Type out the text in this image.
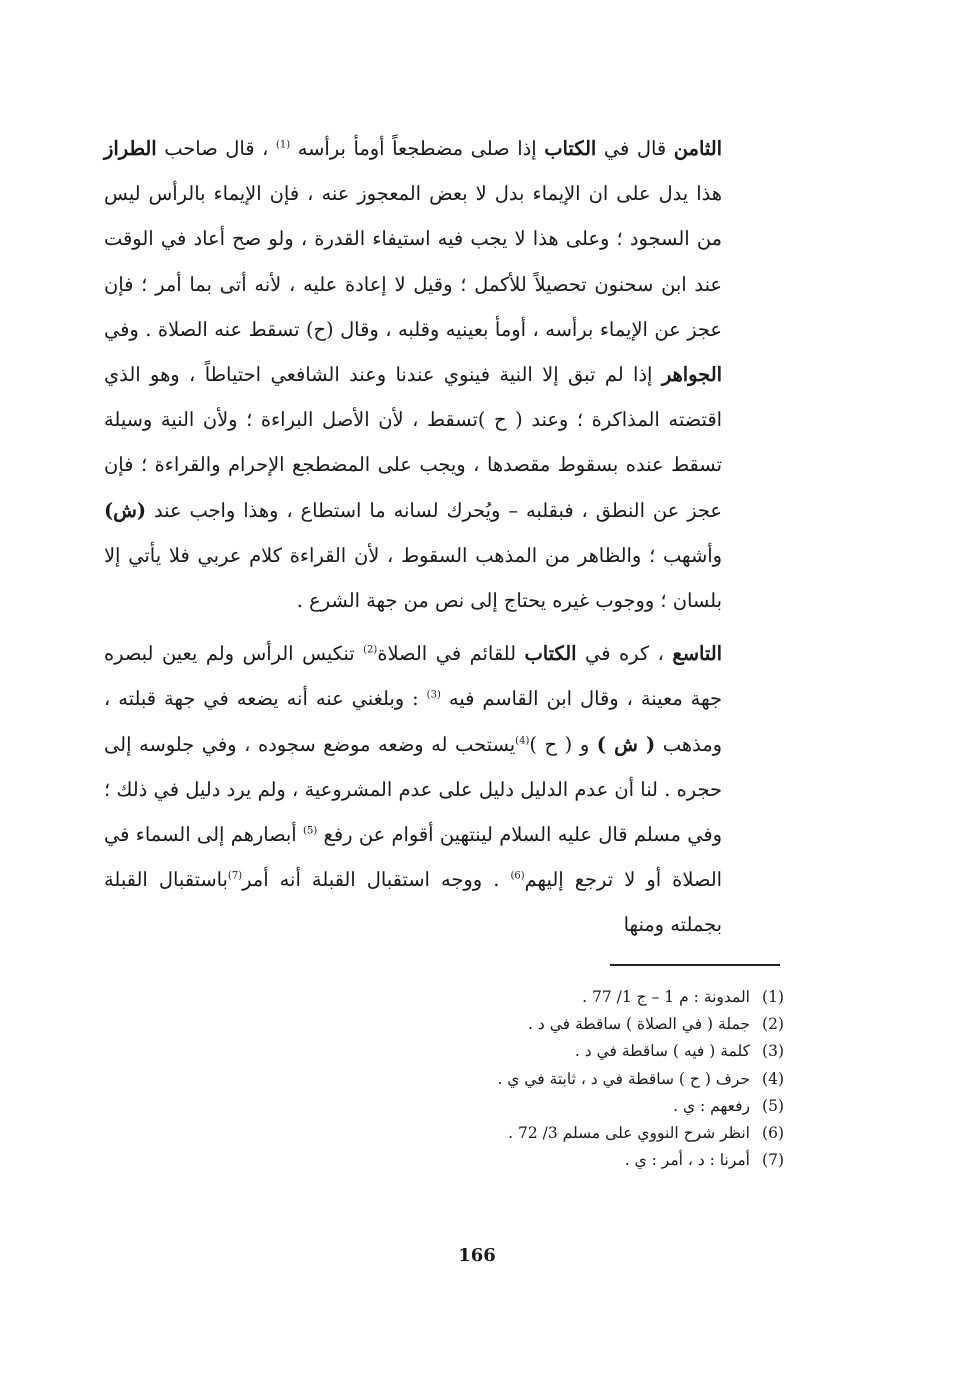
الثامن قال في الكتاب إذا صلى مضطجعاً أومأ برأسه $^{(1)}$ ، قال صاحب الطراز هذا يدل على ان الإيماء بدل لا بعض المعجوز عنه ، فإن الإيماء بالرأس ليس من السجود ؛ وعلى هذا لا يجب فيه استيفاء القدرة ، ولو صح أعاد في الوقت عند ابن سحنون تحصيلاً للأكمل ؛ وقيل لا إعادة عليه ، لأنه أتى بما أمر ؛ فإن عجز عن الإيماء برأسه ، أومأ بعينيه وقلبه ، وقال (ح) تسقط عنه الصلاة . وفي الجواهر إذا لم تبق إلا النية فينوي عندنا وعند الشافعي احتياطاً ، وهو الذي اقتضته المذاكرة ؛ وعند ( ح )تسقط ، لأن الأصل البراءة ؛ ولأن النية وسيلة تسقط عنده بسقوط مقصدها ، ويجب على المضطجع الإحرام والقراءة ؛ فإن عجز عن النطق ، فبقلبه – ويُحرك لسانه ما استطاع ، وهذا واجب عند (ش) وأشهب ؛ والظاهر من المذهب السقوط ، لأن القراءة كلام عربي فلا يأتي إلا بلسان ؛ ووجوب غيره يحتاج إلى نص من جهة الشرع .

التاسع ، كره في الكتاب للقائم في الصلاة$^{(2)}$ تنكيس الرأس ولم يعين لبصره جهة معينة ، وقال ابن القاسم فيه $^{(3)}$ : وبلغني عنه أنه يضعه في جهة قبلته ، ومذهب ( ش ) و ( ح )$^{(4)}$يستحب له وضعه موضع سجوده ، وفي جلوسه إلى حجره . لنا أن عدم الدليل دليل على عدم المشروعية ، ولم يرد دليل في ذلك ؛ وفي مسلم قال عليه السلام لينتهين أقوام عن رفع $^{(5)}$ أبصارهم إلى السماء في الصلاة أو لا ترجع إليهم$^{(6)}$ . ووجه استقبال القبلة أنه أمر$^{(7)}$باستقبال القبلة بجملته ومنها

(1)المدونة : م 1 – ج 1/ 77 .
(2)جملة ( في الصلاة ) ساقطة في د .
(3)كلمة ( فيه ) ساقطة في د .
(4)حرف ( ح ) ساقطة في د ، ثابتة في ي .
(5)رفعهم : ي .
(6)انظر شرح النووي على مسلم 3/ 72 .
(7)أمرنا : د ، أمر : ي .
166
